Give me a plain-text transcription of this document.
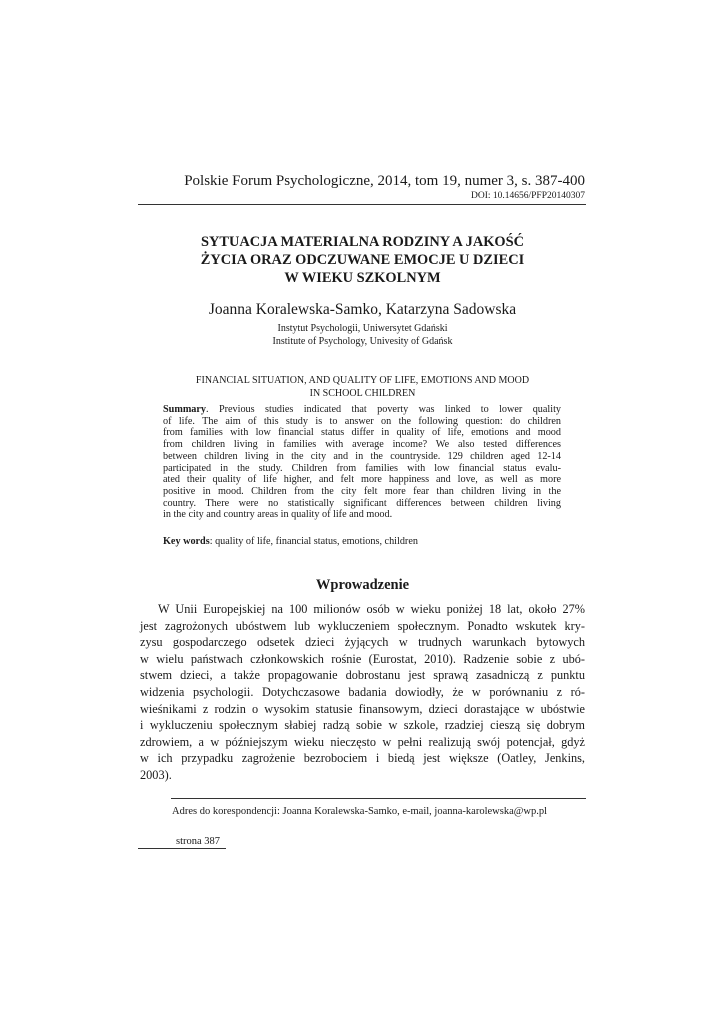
Polskie Forum Psychologiczne, 2014, tom 19, numer 3, s. 387-400
DOI: 10.14656/PFP20140307
SYTUACJA MATERIALNA RODZINY A JAKOŚĆ
ŻYCIA ORAZ ODCZUWANE EMOCJE U DZIECI
W WIEKU SZKOLNYM
Joanna Koralewska-Samko, Katarzyna Sadowska
Instytut Psychologii, Uniwersytet Gdański
Institute of Psychology, Univesity of Gdańsk
FINANCIAL SITUATION, AND QUALITY OF LIFE, EMOTIONS AND MOOD
IN SCHOOL CHILDREN
Summary. Previous studies indicated that poverty was linked to lower quality
of life. The aim of this study is to answer on the following question: do children
from families with low financial status differ in quality of life, emotions and mood
from children living in families with average income? We also tested differences
between children living in the city and in the countryside. 129 children aged 12-14
participated in the study. Children from families with low financial status evalu-
ated their quality of life higher, and felt more happiness and love, as well as more
positive in mood. Children from the city felt more fear than children living in the
country. There were no statistically significant differences between children living
in the city and country areas in quality of life and mood.
Key words: quality of life, financial status, emotions, children
Wprowadzenie
W Unii Europejskiej na 100 milionów osób w wieku poniżej 18 lat, około 27%
jest zagrożonych ubóstwem lub wykluczeniem społecznym. Ponadto wskutek kry-
zysu gospodarczego odsetek dzieci żyjących w trudnych warunkach bytowych
w wielu państwach członkowskich rośnie (Eurostat, 2010). Radzenie sobie z ubó-
stwem dzieci, a także propagowanie dobrostanu jest sprawą zasadniczą z punktu
widzenia psychologii. Dotychczasowe badania dowiodły, że w porównaniu z ró-
wieśnikami z rodzin o wysokim statusie finansowym, dzieci dorastające w ubóstwie
i wykluczeniu społecznym słabiej radzą sobie w szkole, rzadziej cieszą się dobrym
zdrowiem, a w późniejszym wieku nieczęsto w pełni realizują swój potencjał, gdyż
w ich przypadku zagrożenie bezrobociem i biedą jest większe (Oatley, Jenkins,
2003).
Adres do korespondencji: Joanna Koralewska-Samko, e-mail, joanna-karolewska@wp.pl
strona 387
